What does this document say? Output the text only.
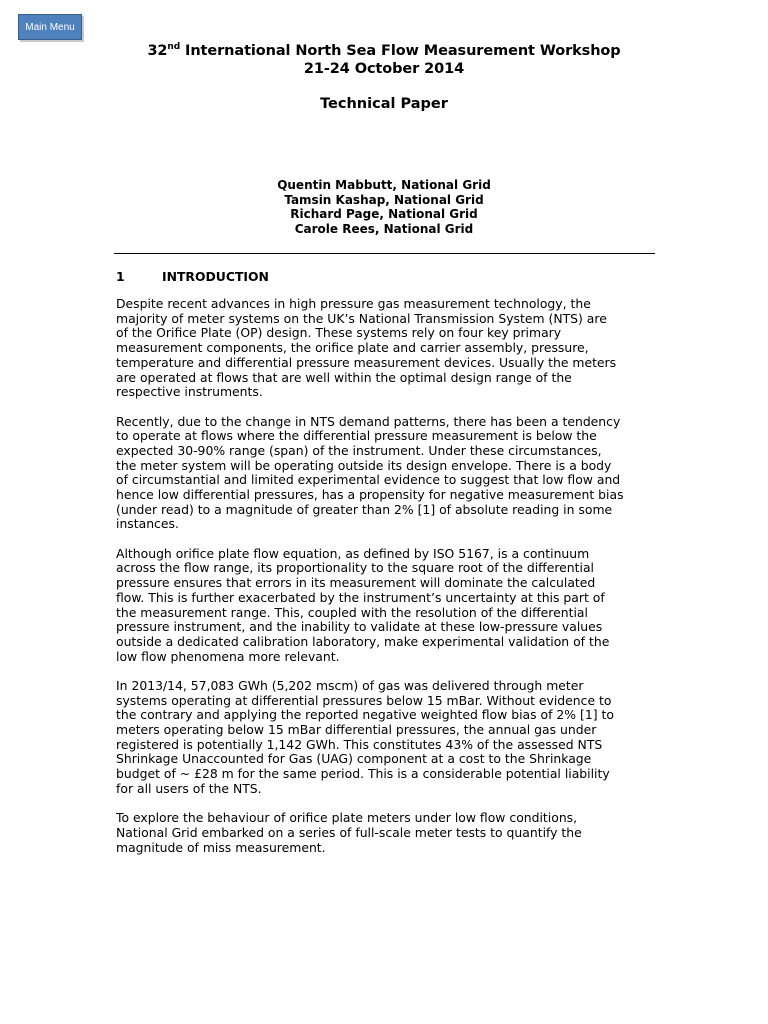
Main Menu
32nd International North Sea Flow Measurement Workshop
21-24 October 2014
Technical Paper
Quentin Mabbutt, National Grid
Tamsin Kashap, National Grid
Richard Page, National Grid
Carole Rees, National Grid
1	INTRODUCTION

Despite recent advances in high pressure gas measurement technology, the
majority of meter systems on the UK’s National Transmission System (NTS) are
of the Orifice Plate (OP) design. These systems rely on four key primary
measurement components, the orifice plate and carrier assembly, pressure,
temperature and differential pressure measurement devices. Usually the meters
are operated at flows that are well within the optimal design range of the
respective instruments.

Recently, due to the change in NTS demand patterns, there has been a tendency
to operate at flows where the differential pressure measurement is below the
expected 30-90% range (span) of the instrument. Under these circumstances,
the meter system will be operating outside its design envelope. There is a body
of circumstantial and limited experimental evidence to suggest that low flow and
hence low differential pressures, has a propensity for negative measurement bias
(under read) to a magnitude of greater than 2% [1] of absolute reading in some
instances.

Although orifice plate flow equation, as defined by ISO 5167, is a continuum
across the flow range, its proportionality to the square root of the differential
pressure ensures that errors in its measurement will dominate the calculated
flow. This is further exacerbated by the instrument’s uncertainty at this part of
the measurement range. This, coupled with the resolution of the differential
pressure instrument, and the inability to validate at these low-pressure values
outside a dedicated calibration laboratory, make experimental validation of the
low flow phenomena more relevant.

In 2013/14, 57,083 GWh (5,202 mscm) of gas was delivered through meter
systems operating at differential pressures below 15 mBar. Without evidence to
the contrary and applying the reported negative weighted flow bias of 2% [1] to
meters operating below 15 mBar differential pressures, the annual gas under
registered is potentially 1,142 GWh. This constitutes 43% of the assessed NTS
Shrinkage Unaccounted for Gas (UAG) component at a cost to the Shrinkage
budget of ~ £28 m for the same period. This is a considerable potential liability
for all users of the NTS.

To explore the behaviour of orifice plate meters under low flow conditions,
National Grid embarked on a series of full-scale meter tests to quantify the
magnitude of miss measurement.
